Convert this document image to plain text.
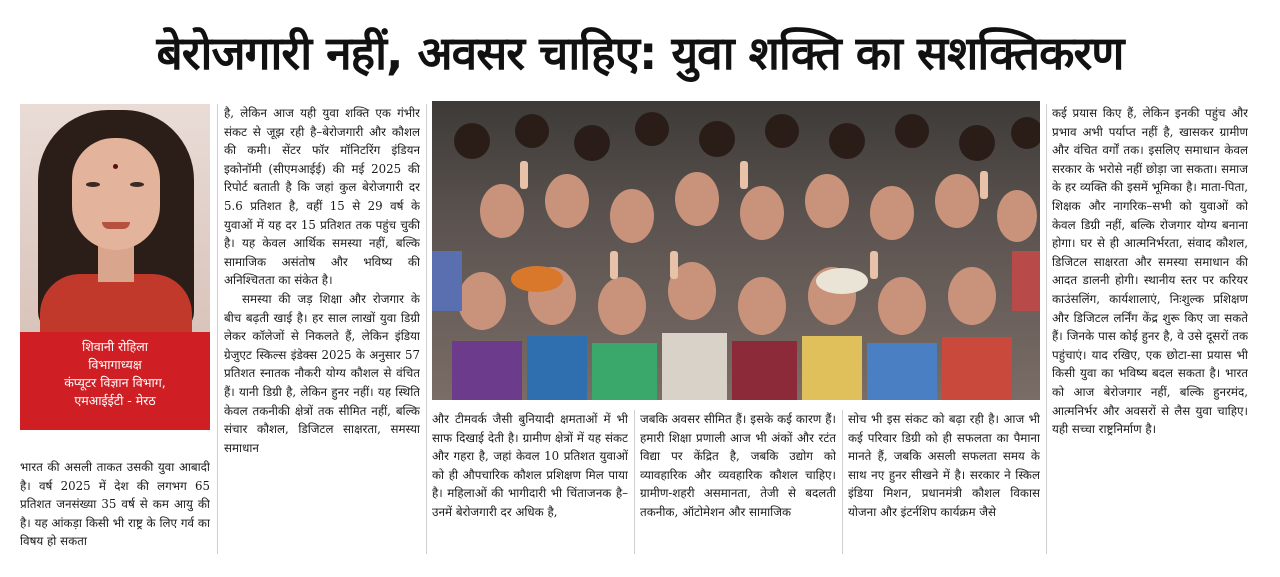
बेरोजगारी नहीं, अवसर चाहिए: युवा शक्ति का सशक्तिकरण
शिवानी रोहिला
विभागाध्यक्ष
कंप्यूटर विज्ञान विभाग,
एमआईईटी - मेरठ

भारत की असली ताकत उसकी युवा आबादी है। वर्ष 2025 में देश की लगभग 65 प्रतिशत जनसंख्या 35 वर्ष से कम आयु की है। यह आंकड़ा किसी भी राष्ट्र के लिए गर्व का विषय हो सकता

है, लेकिन आज यही युवा शक्ति एक गंभीर संकट से जूझ रही है–बेरोजगारी और कौशल की कमी। सेंटर फॉर मॉनिटरिंग इंडियन इकोनॉमी (सीएमआईई) की मई 2025 की रिपोर्ट बताती है कि जहां कुल बेरोजगारी दर 5.6 प्रतिशत है, वहीं 15 से 29 वर्ष के युवाओं में यह दर 15 प्रतिशत तक पहुंच चुकी है। यह केवल आर्थिक समस्या नहीं, बल्कि सामाजिक असंतोष और भविष्य की अनिश्चितता का संकेत है।

समस्या की जड़ शिक्षा और रोजगार के बीच बढ़ती खाई है। हर साल लाखों युवा डिग्री लेकर कॉलेजों से निकलते हैं, लेकिन इंडिया ग्रेजुएट स्किल्स इंडेक्स 2025 के अनुसार 57 प्रतिशत स्नातक नौकरी योग्य कौशल से वंचित हैं। यानी डिग्री है, लेकिन हुनर नहीं। यह स्थिति केवल तकनीकी क्षेत्रों तक सीमित नहीं, बल्कि संचार कौशल, डिजिटल साक्षरता, समस्या समाधान

और टीमवर्क जैसी बुनियादी क्षमताओं में भी साफ दिखाई देती है। ग्रामीण क्षेत्रों में यह संकट और गहरा है, जहां केवल 10 प्रतिशत युवाओं को ही औपचारिक कौशल प्रशिक्षण मिल पाया है। महिलाओं की भागीदारी भी चिंताजनक है–उनमें बेरोजगारी दर अधिक है,

जबकि अवसर सीमित हैं। इसके कई कारण हैं। हमारी शिक्षा प्रणाली आज भी अंकों और रटंत विद्या पर केंद्रित है, जबकि उद्योग को व्यावहारिक और व्यवहारिक कौशल चाहिए। ग्रामीण-शहरी असमानता, तेजी से बदलती तकनीक, ऑटोमेशन और सामाजिक

सोच भी इस संकट को बढ़ा रही है। आज भी कई परिवार डिग्री को ही सफलता का पैमाना मानते हैं, जबकि असली सफलता समय के साथ नए हुनर सीखने में है। सरकार ने स्किल इंडिया मिशन, प्रधानमंत्री कौशल विकास योजना और इंटर्नशिप कार्यक्रम जैसे

कई प्रयास किए हैं, लेकिन इनकी पहुंच और प्रभाव अभी पर्याप्त नहीं है, खासकर ग्रामीण और वंचित वर्गों तक। इसलिए समाधान केवल सरकार के भरोसे नहीं छोड़ा जा सकता। समाज के हर व्यक्ति की इसमें भूमिका है। माता-पिता, शिक्षक और नागरिक–सभी को युवाओं को केवल डिग्री नहीं, बल्कि रोजगार योग्य बनाना होगा। घर से ही आत्मनिर्भरता, संवाद कौशल, डिजिटल साक्षरता और समस्या समाधान की आदत डालनी होगी। स्थानीय स्तर पर करियर काउंसलिंग, कार्यशालाएं, निःशुल्क प्रशिक्षण और डिजिटल लर्निंग केंद्र शुरू किए जा सकते हैं। जिनके पास कोई हुनर है, वे उसे दूसरों तक पहुंचाएं। याद रखिए, एक छोटा-सा प्रयास भी किसी युवा का भविष्य बदल सकता है। भारत को आज बेरोजगार नहीं, बल्कि हुनरमंद, आत्मनिर्भर और अवसरों से लैस युवा चाहिए। यही सच्चा राष्ट्रनिर्माण है।
